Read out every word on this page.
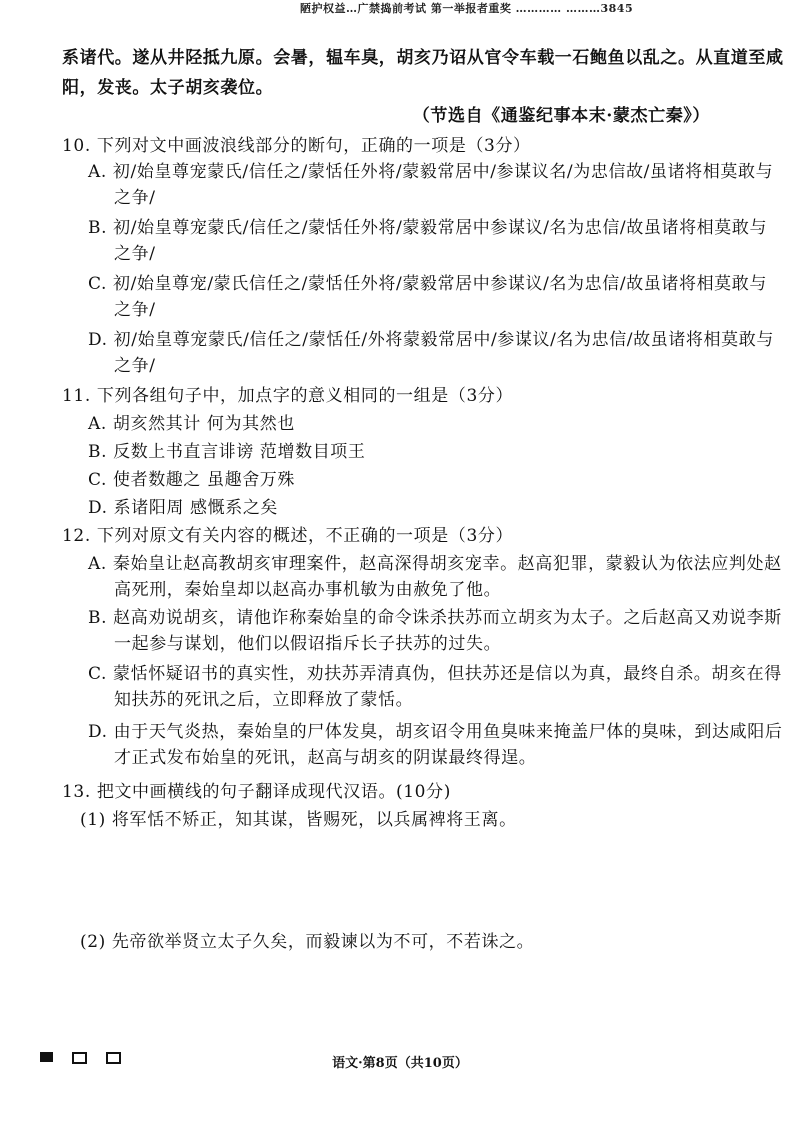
陋护权益…广禁捣前考试 第一举报者重奖 ………… ………3845
系诸代。遂从井陉抵九原。会暑，辒车臭，胡亥乃诏从官令车载一石鲍鱼以乱之。从直道至咸
阳，发丧。太子胡亥袭位。
（节选自《通鉴纪事本末·蒙杰亡秦》）
10. 下列对文中画波浪线部分的断句，正确的一项是（3分）
A. 初/始皇尊宠蒙氏/信任之/蒙恬任外将/蒙毅常居中/参谋议名/为忠信故/虽诸将相莫敢与
之争/
B. 初/始皇尊宠蒙氏/信任之/蒙恬任外将/蒙毅常居中参谋议/名为忠信/故虽诸将相莫敢与
之争/
C. 初/始皇尊宠/蒙氏信任之/蒙恬任外将/蒙毅常居中参谋议/名为忠信/故虽诸将相莫敢与
之争/
D. 初/始皇尊宠蒙氏/信任之/蒙恬任/外将蒙毅常居中/参谋议/名为忠信/故虽诸将相莫敢与
之争/
11. 下列各组句子中，加点字的意义相同的一组是（3分）
A. 胡亥然其计 何为其然也
B. 反数上书直言诽谤 范增数目项王
C. 使者数趣之 虽趣舍万殊
D. 系诸阳周 感慨系之矣
12. 下列对原文有关内容的概述，不正确的一项是（3分）
A. 秦始皇让赵高教胡亥审理案件，赵高深得胡亥宠幸。赵高犯罪，蒙毅认为依法应判处赵
高死刑，秦始皇却以赵高办事机敏为由赦免了他。
B. 赵高劝说胡亥，请他诈称秦始皇的命令诛杀扶苏而立胡亥为太子。之后赵高又劝说李斯
一起参与谋划，他们以假诏指斥长子扶苏的过失。
C. 蒙恬怀疑诏书的真实性，劝扶苏弄清真伪，但扶苏还是信以为真，最终自杀。胡亥在得
知扶苏的死讯之后，立即释放了蒙恬。
D. 由于天气炎热，秦始皇的尸体发臭，胡亥诏令用鱼臭味来掩盖尸体的臭味，到达咸阳后
才正式发布始皇的死讯，赵高与胡亥的阴谋最终得逞。
13. 把文中画横线的句子翻译成现代汉语。(10分)
(1) 将军恬不矫正，知其谋，皆赐死，以兵属裨将王离。
(2) 先帝欲举贤立太子久矣，而毅谏以为不可，不若诛之。

语文·第8页（共10页）
